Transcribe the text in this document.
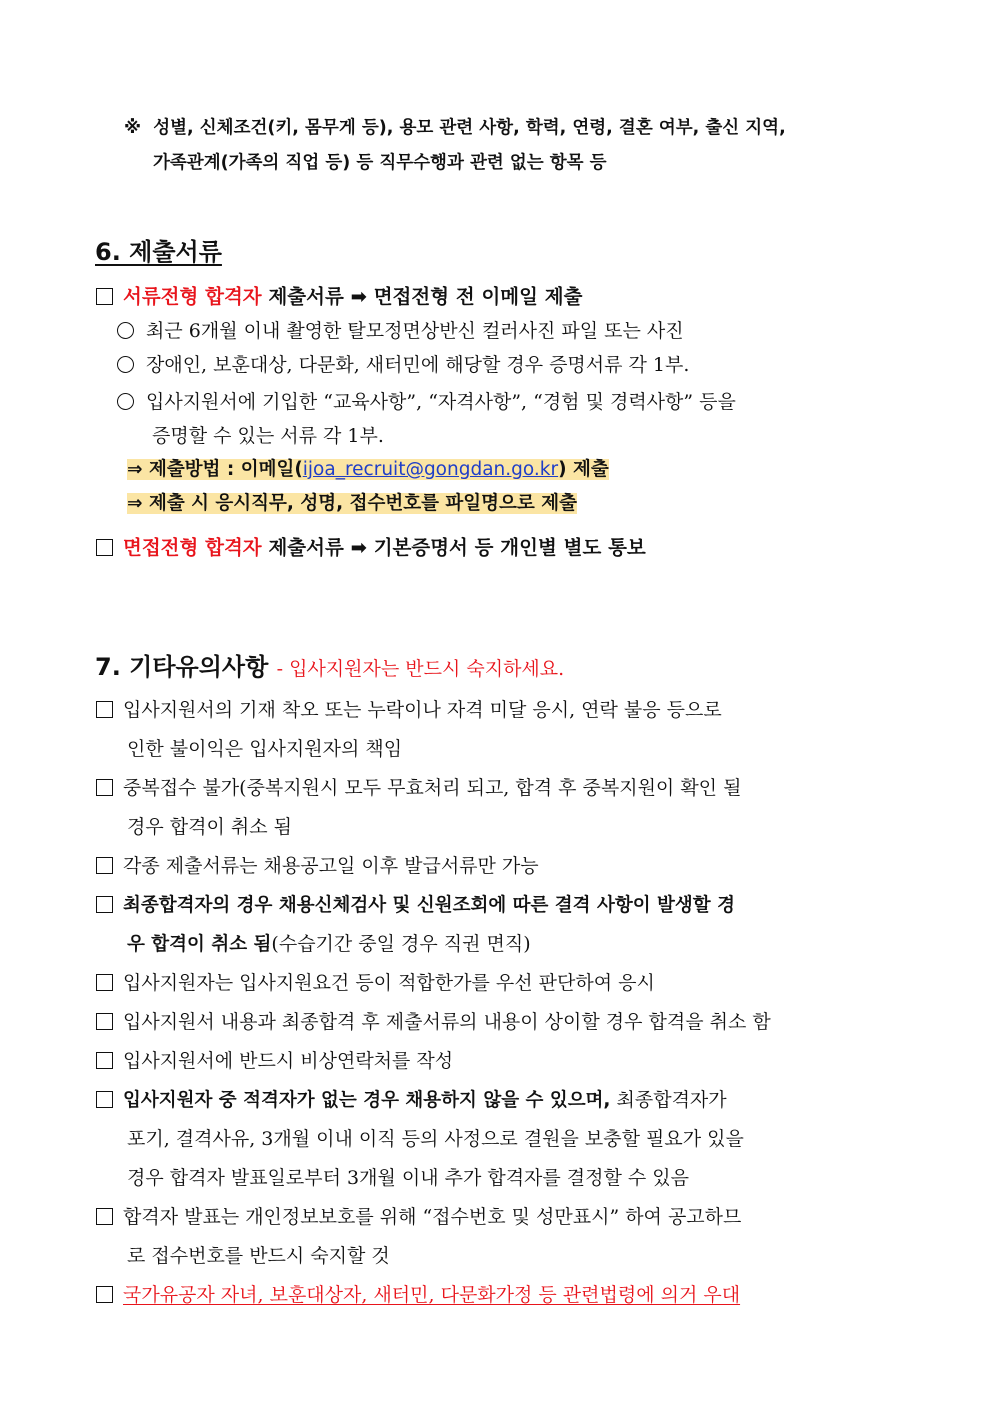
※ 성별, 신체조건(키, 몸무게 등), 용모 관련 사항, 학력, 연령, 결혼 여부, 출신 지역,
가족관계(가족의 직업 등) 등 직무수행과 관련 없는 항목 등
6. 제출서류
서류전형 합격자 제출서류 ➡ 면접전형 전 이메일 제출
최근 6개월 이내 촬영한 탈모정면상반신 컬러사진 파일 또는 사진
장애인, 보훈대상, 다문화, 새터민에 해당할 경우 증명서류 각 1부.
입사지원서에 기입한 “교육사항”, “자격사항”, “경험 및 경력사항” 등을
증명할 수 있는 서류 각 1부.
⇒ 제출방법 : 이메일(ijoa_recruit@gongdan.go.kr) 제출
⇒ 제출 시 응시직무, 성명, 접수번호를 파일명으로 제출
면접전형 합격자 제출서류 ➡ 기본증명서 등 개인별 별도 통보
7. 기타유의사항 - 입사지원자는 반드시 숙지하세요.
입사지원서의 기재 착오 또는 누락이나 자격 미달 응시, 연락 불응 등으로
인한 불이익은 입사지원자의 책임
중복접수 불가(중복지원시 모두 무효처리 되고, 합격 후 중복지원이 확인 될
경우 합격이 취소 됨
각종 제출서류는 채용공고일 이후 발급서류만 가능
최종합격자의 경우 채용신체검사 및 신원조회에 따른 결격 사항이 발생할 경
우 합격이 취소 됨(수습기간 중일 경우 직권 면직)
입사지원자는 입사지원요건 등이 적합한가를 우선 판단하여 응시
입사지원서 내용과 최종합격 후 제출서류의 내용이 상이할 경우 합격을 취소 함
입사지원서에 반드시 비상연락처를 작성
입사지원자 중 적격자가 없는 경우 채용하지 않을 수 있으며, 최종합격자가
포기, 결격사유, 3개월 이내 이직 등의 사정으로 결원을 보충할 필요가 있을
경우 합격자 발표일로부터 3개월 이내 추가 합격자를 결정할 수 있음
합격자 발표는 개인정보보호를 위해 “접수번호 및 성만표시” 하여 공고하므
로 접수번호를 반드시 숙지할 것
국가유공자 자녀, 보훈대상자, 새터민, 다문화가정 등 관련법령에 의거 우대
